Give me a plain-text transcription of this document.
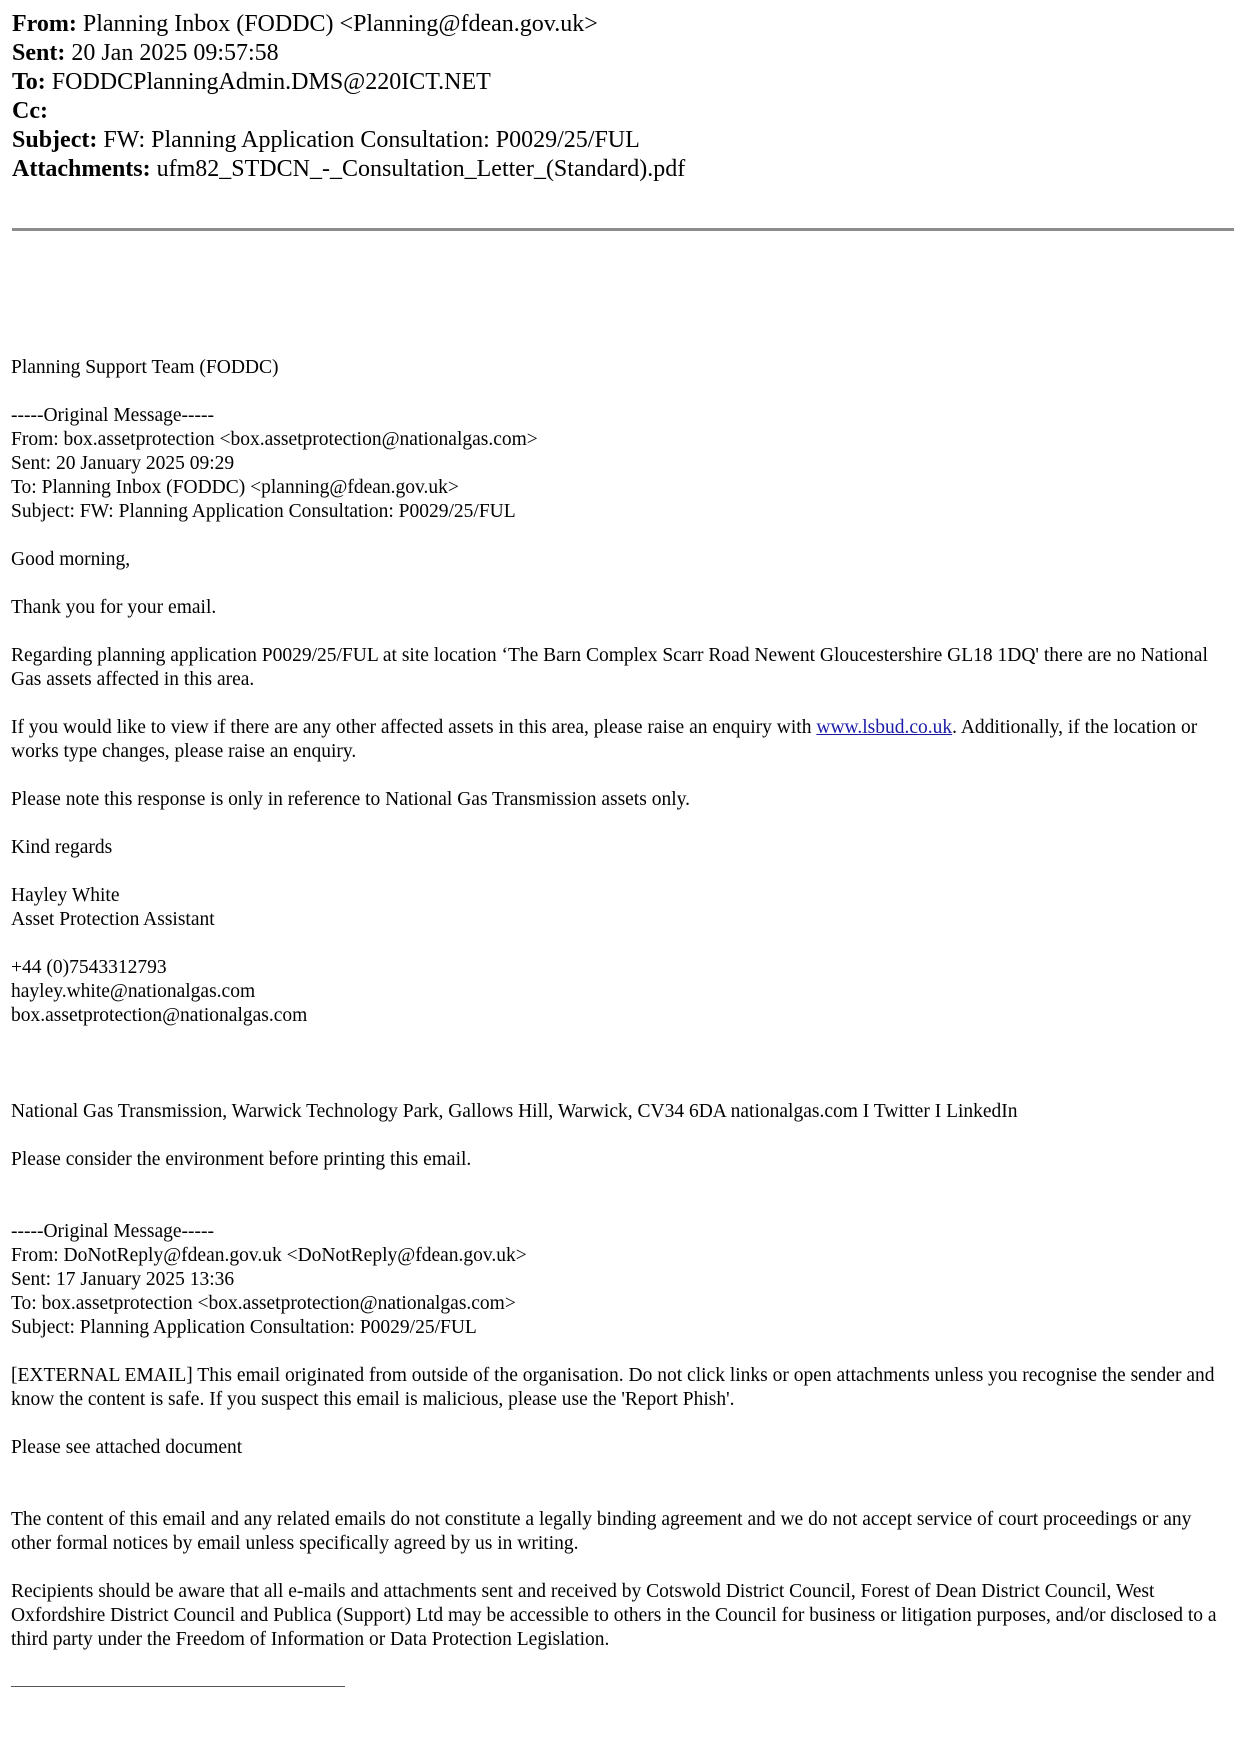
From: Planning Inbox (FODDC) <Planning@fdean.gov.uk>
Sent: 20 Jan 2025 09:57:58
To: FODDCPlanningAdmin.DMS@220ICT.NET
Cc:
Subject: FW: Planning Application Consultation: P0029/25/FUL
Attachments: ufm82_STDCN_-_Consultation_Letter_(Standard).pdf
Planning Support Team (FODDC)
-----Original Message-----
From: box.assetprotection <box.assetprotection@nationalgas.com>
Sent: 20 January 2025 09:29
To: Planning Inbox (FODDC) <planning@fdean.gov.uk>
Subject: FW: Planning Application Consultation: P0029/25/FUL
Good morning,
Thank you for your email.
Regarding planning application P0029/25/FUL at site location ‘The Barn Complex Scarr Road Newent Gloucestershire GL18 1DQ' there are no National Gas assets affected in this area.
If you would like to view if there are any other affected assets in this area, please raise an enquiry with www.lsbud.co.uk. Additionally, if the location or works type changes, please raise an enquiry.
Please note this response is only in reference to National Gas Transmission assets only.
Kind regards
Hayley White
Asset Protection Assistant
+44 (0)7543312793
hayley.white@nationalgas.com
box.assetprotection@nationalgas.com
National Gas Transmission, Warwick Technology Park, Gallows Hill, Warwick, CV34 6DA nationalgas.com I Twitter I LinkedIn
Please consider the environment before printing this email.
-----Original Message-----
From: DoNotReply@fdean.gov.uk <DoNotReply@fdean.gov.uk>
Sent: 17 January 2025 13:36
To: box.assetprotection <box.assetprotection@nationalgas.com>
Subject: Planning Application Consultation: P0029/25/FUL
[EXTERNAL EMAIL] This email originated from outside of the organisation. Do not click links or open attachments unless you recognise the sender and know the content is safe. If you suspect this email is malicious, please use the 'Report Phish'.
Please see attached document
The content of this email and any related emails do not constitute a legally binding agreement and we do not accept service of court proceedings or any other formal notices by email unless specifically agreed by us in writing.
Recipients should be aware that all e-mails and attachments sent and received by Cotswold District Council, Forest of Dean District Council, West Oxfordshire District Council and Publica (Support) Ltd may be accessible to others in the Council for business or litigation purposes, and/or disclosed to a third party under the Freedom of Information or Data Protection Legislation.
